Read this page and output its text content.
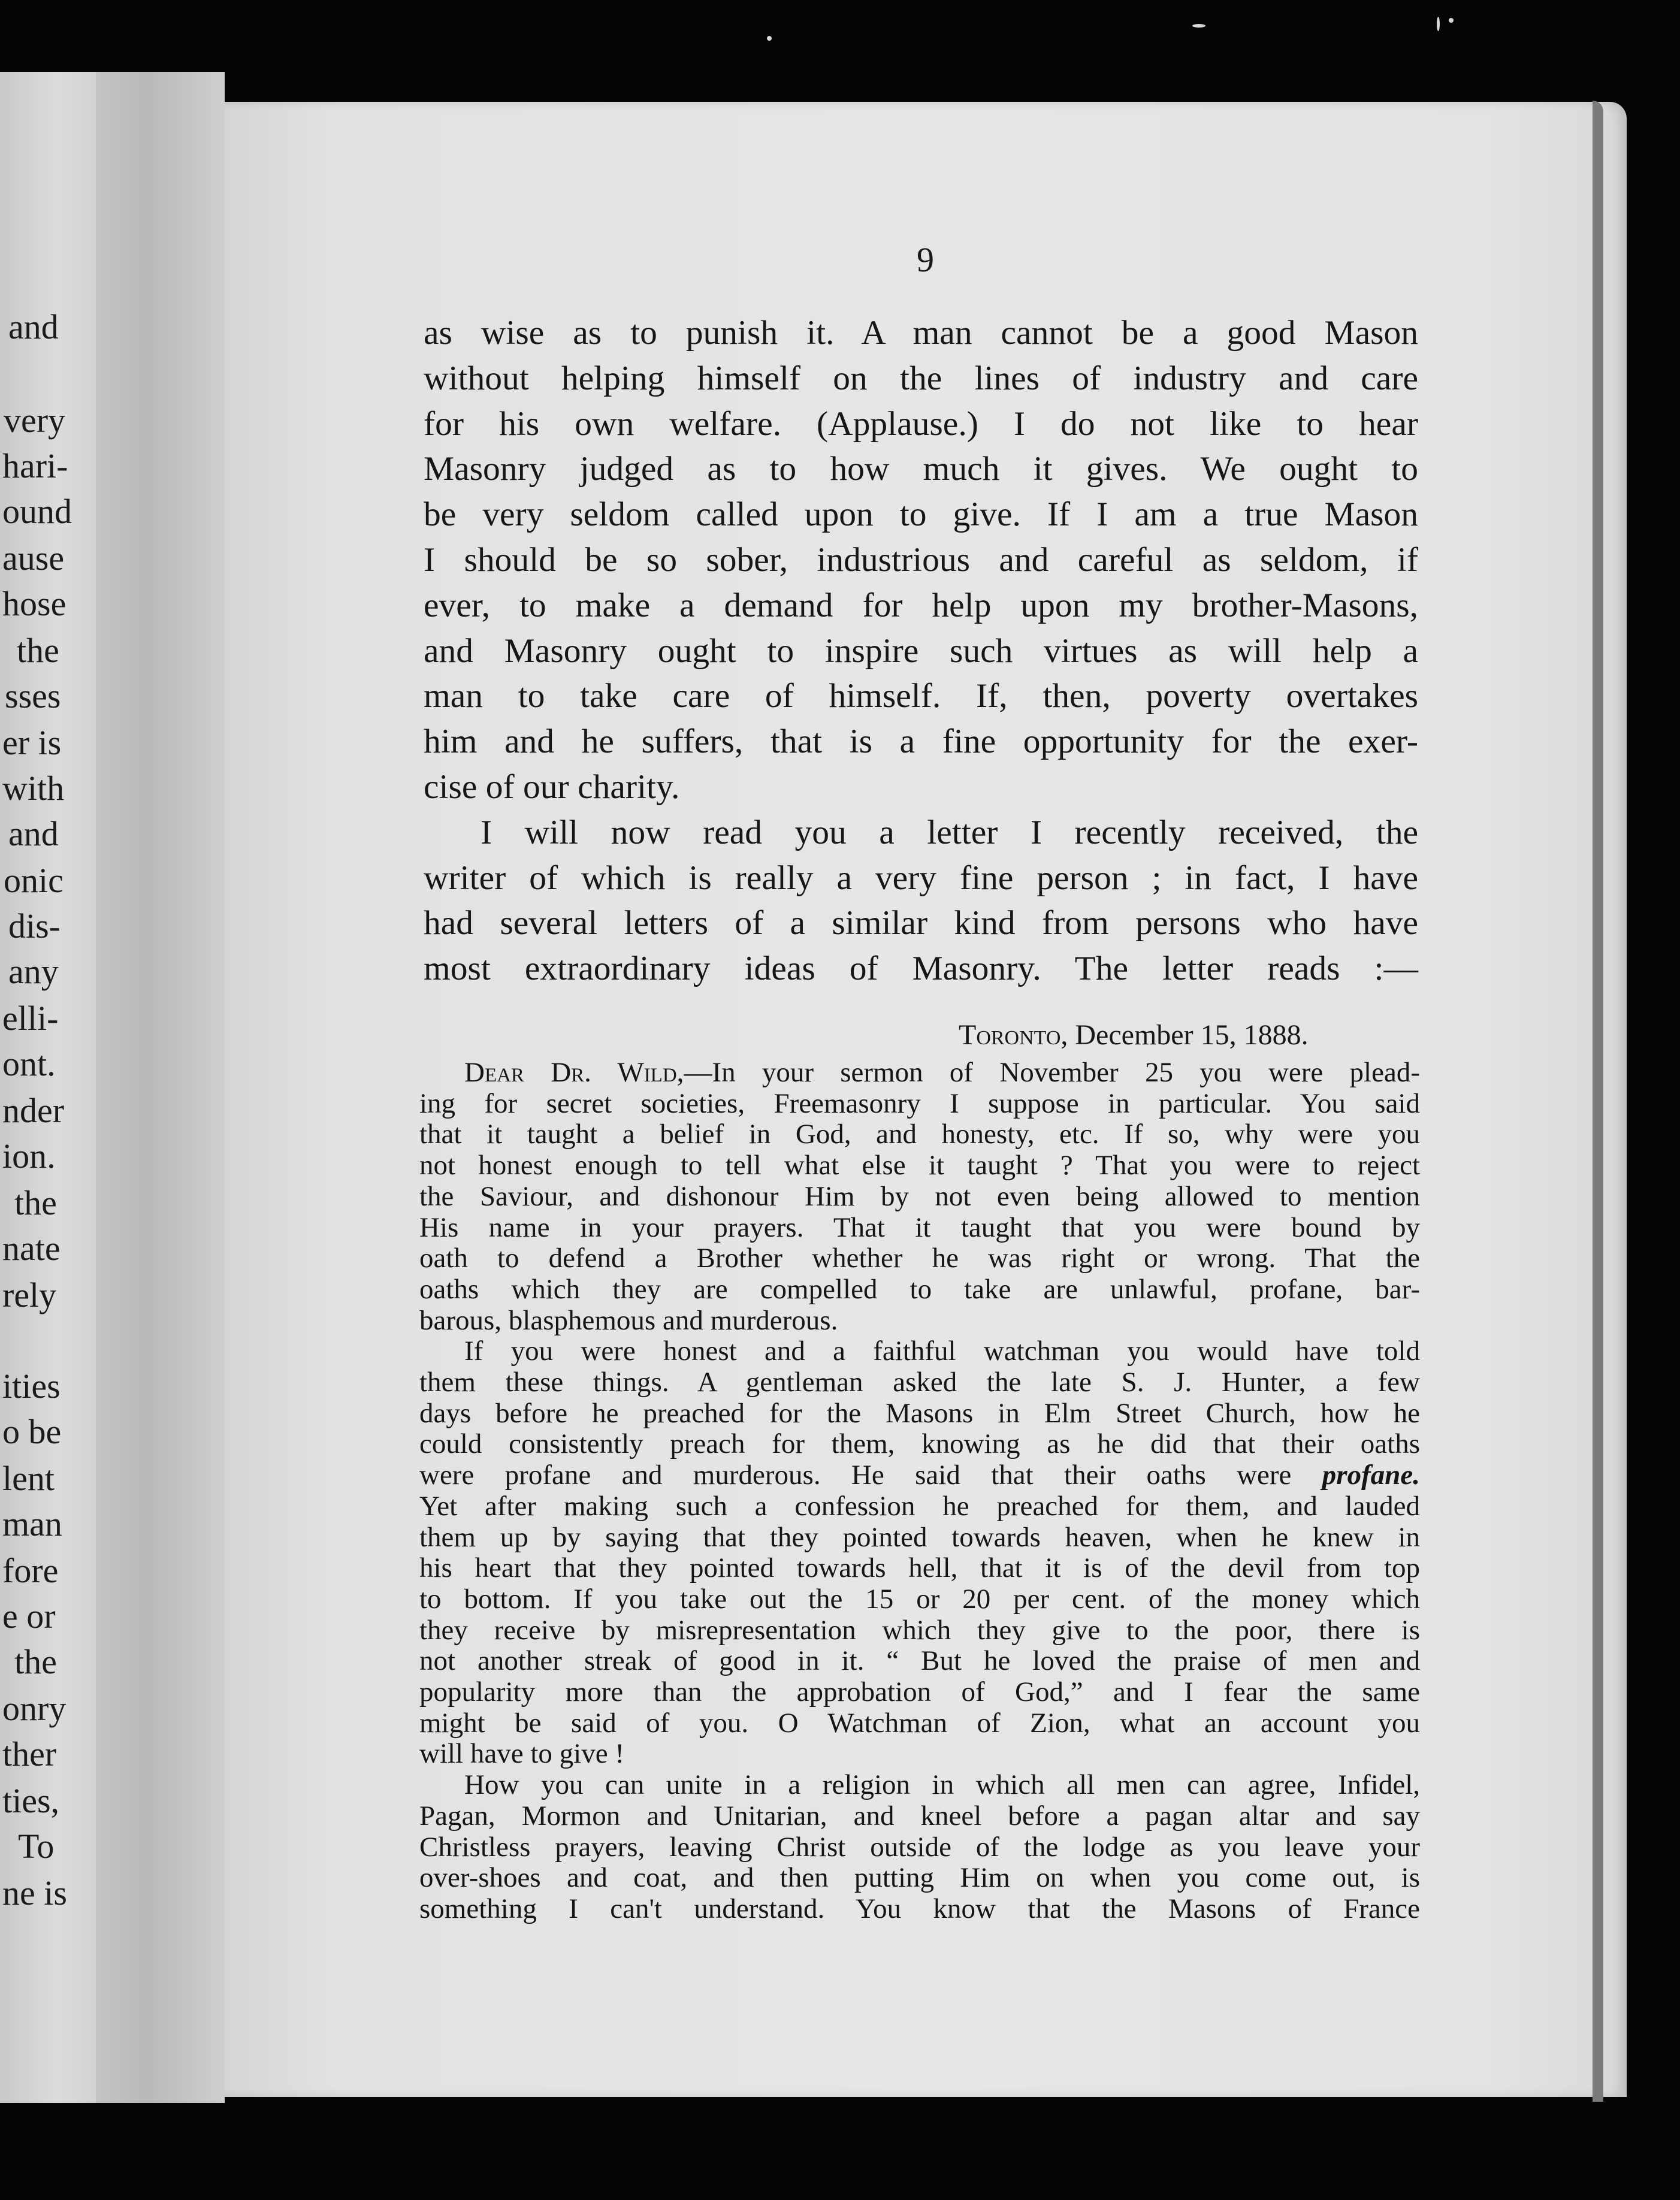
and
very
hari-
ound
ause
hose
the
sses
er is
with
and
onic
dis-
any
elli-
ont.
nder
ion.
the
nate
rely
ities
o be
lent
man
fore
e or
the
onry
ther
ties,
To
ne is
9

as wise as to punish it. A man cannot be a good Mason
without helping himself on the lines of industry and care
for his own welfare. (Applause.) I do not like to hear
Masonry judged as to how much it gives. We ought to
be very seldom called upon to give. If I am a true Mason
I should be so sober, industrious and careful as seldom, if
ever, to make a demand for help upon my brother-Masons,
and Masonry ought to inspire such virtues as will help a
man to take care of himself. If, then, poverty overtakes
him and he suffers, that is a fine opportunity for the exer-
cise of our charity.

I will now read you a letter I recently received, the
writer of which is really a very fine person ; in fact, I have
had several letters of a similar kind from persons who have
most extraordinary ideas of Masonry. The letter reads :—

Toronto, December 15, 1888.
Dear Dr. Wild,—In your sermon of November 25 you were plead-
ing for secret societies, Freemasonry I suppose in particular. You said
that it taught a belief in God, and honesty, etc. If so, why were you
not honest enough to tell what else it taught ? That you were to reject
the Saviour, and dishonour Him by not even being allowed to mention
His name in your prayers. That it taught that you were bound by
oath to defend a Brother whether he was right or wrong. That the
oaths which they are compelled to take are unlawful, profane, bar-
barous, blasphemous and murderous.
If you were honest and a faithful watchman you would have told
them these things. A gentleman asked the late S. J. Hunter, a few
days before he preached for the Masons in Elm Street Church, how he
could consistently preach for them, knowing as he did that their oaths
were profane and murderous. He said that their oaths were profane.
Yet after making such a confession he preached for them, and lauded
them up by saying that they pointed towards heaven, when he knew in
his heart that they pointed towards hell, that it is of the devil from top
to bottom. If you take out the 15 or 20 per cent. of the money which
they receive by misrepresentation which they give to the poor, there is
not another streak of good in it. “ But he loved the praise of men and
popularity more than the approbation of God,” and I fear the same
might be said of you. O Watchman of Zion, what an account you
will have to give !
How you can unite in a religion in which all men can agree, Infidel,
Pagan, Mormon and Unitarian, and kneel before a pagan altar and say
Christless prayers, leaving Christ outside of the lodge as you leave your
over-shoes and coat, and then putting Him on when you come out, is
something I can't understand. You know that the Masons of France
